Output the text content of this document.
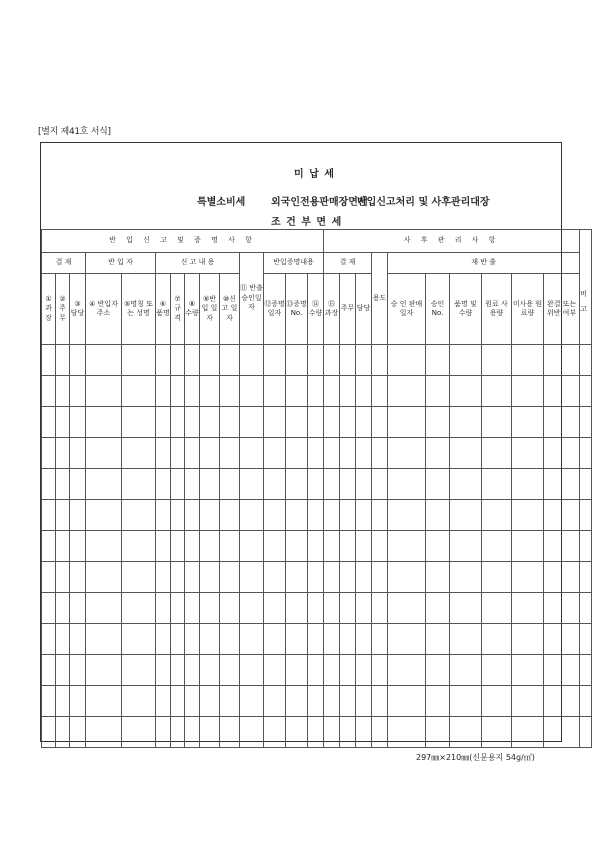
[별지 제41호 서식]
미 납 세
특별소비세	외국인전용판매장면세
반입신고처리 및 사후관리대장
조 건 부 면 세
반 입 신 고 및 증 명 사 항														사 후 관 리 사 항										비 고

결 재			반 입 자		신 고 내 용					⑪ 반출승인일자	반입증명내용			결 재			용도	재 반 출						
① 과장	② 주무	③ 담당	④ 반입자주소	⑤명칭 또는 성명	⑥ 품명	⑦ 규격	⑧ 수량	⑨반입 일자	⑩신고 일자		⑫증명 일자	⑬증명 No.	⑭ 수량	⑮ 과장	주무	담당		승 인 판매일자	승인 No.	품명 및 수량	원료 사용량	미사용 원료량	완결 또는 위반 여부	

297㎜×210㎜(신문용지 54g/㎡)
